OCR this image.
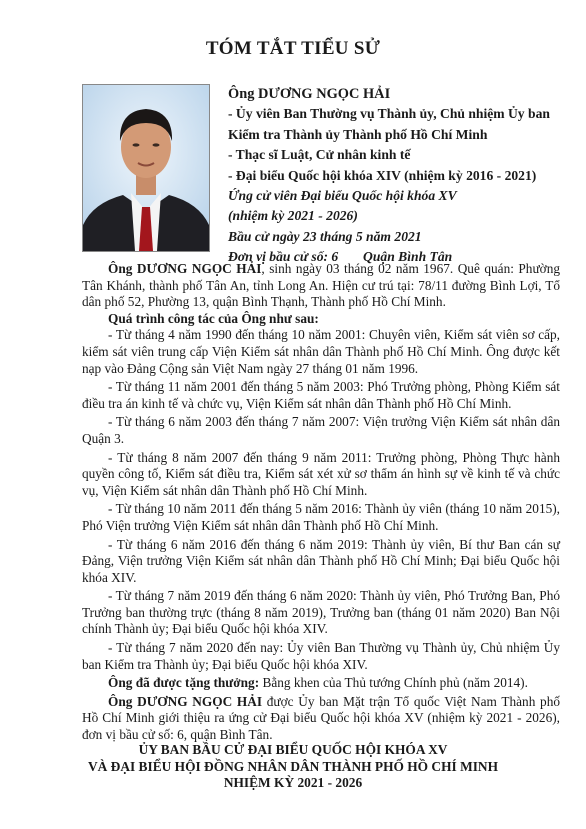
TÓM TẮT TIỂU SỬ
Ông DƯƠNG NGỌC HẢI
- Ủy viên Ban Thường vụ Thành ủy, Chủ nhiệm Ủy ban
Kiểm tra Thành ủy Thành phố Hồ Chí Minh
- Thạc sĩ Luật, Cử nhân kinh tế
- Đại biểu Quốc hội khóa XIV (nhiệm kỳ 2016 - 2021)
Ứng cử viên Đại biểu Quốc hội khóa XV
(nhiệm kỳ 2021 - 2026)
Bầu cử ngày 23 tháng 5 năm 2021
Đơn vị bầu cử số: 6 Quận Bình Tân

Ông DƯƠNG NGỌC HẢI, sinh ngày 03 tháng 02 năm 1967. Quê quán: Phường Tân Khánh, thành phố Tân An, tỉnh Long An. Hiện cư trú tại: 78/11 đường Bình Lợi, Tổ dân phố 52, Phường 13, quận Bình Thạnh, Thành phố Hồ Chí Minh.

Quá trình công tác của Ông như sau:

- Từ tháng 4 năm 1990 đến tháng 10 năm 2001: Chuyên viên, Kiểm sát viên sơ cấp, kiểm sát viên trung cấp Viện Kiểm sát nhân dân Thành phố Hồ Chí Minh. Ông được kết nạp vào Đảng Cộng sản Việt Nam ngày 27 tháng 01 năm 1996.

- Từ tháng 11 năm 2001 đến tháng 5 năm 2003: Phó Trưởng phòng, Phòng Kiểm sát điều tra án kinh tế và chức vụ, Viện Kiểm sát nhân dân Thành phố Hồ Chí Minh.

- Từ tháng 6 năm 2003 đến tháng 7 năm 2007: Viện trưởng Viện Kiểm sát nhân dân Quận 3.

- Từ tháng 8 năm 2007 đến tháng 9 năm 2011: Trưởng phòng, Phòng Thực hành quyền công tố, Kiểm sát điều tra, Kiểm sát xét xử sơ thẩm án hình sự về kinh tế và chức vụ, Viện Kiểm sát nhân dân Thành phố Hồ Chí Minh.

- Từ tháng 10 năm 2011 đến tháng 5 năm 2016: Thành ủy viên (tháng 10 năm 2015), Phó Viện trưởng Viện Kiểm sát nhân dân Thành phố Hồ Chí Minh.

- Từ tháng 6 năm 2016 đến tháng 6 năm 2019: Thành ủy viên, Bí thư Ban cán sự Đảng, Viện trưởng Viện Kiểm sát nhân dân Thành phố Hồ Chí Minh; Đại biểu Quốc hội khóa XIV.

- Từ tháng 7 năm 2019 đến tháng 6 năm 2020: Thành ủy viên, Phó Trưởng Ban, Phó Trưởng ban thường trực (tháng 8 năm 2019), Trưởng ban (tháng 01 năm 2020) Ban Nội chính Thành ủy; Đại biểu Quốc hội khóa XIV.

- Từ tháng 7 năm 2020 đến nay: Ủy viên Ban Thường vụ Thành ủy, Chủ nhiệm Ủy ban Kiểm tra Thành ủy; Đại biểu Quốc hội khóa XIV.

Ông đã được tặng thưởng: Bằng khen của Thủ tướng Chính phủ (năm 2014).

Ông DƯƠNG NGỌC HẢI được Ủy ban Mặt trận Tổ quốc Việt Nam Thành phố Hồ Chí Minh giới thiệu ra ứng cử Đại biểu Quốc hội khóa XV (nhiệm kỳ 2021 - 2026), đơn vị bầu cử số: 6, quận Bình Tân.

ỦY BAN BẦU CỬ ĐẠI BIỂU QUỐC HỘI KHÓA XV
VÀ ĐẠI BIỂU HỘI ĐỒNG NHÂN DÂN THÀNH PHỐ HỒ CHÍ MINH
NHIỆM KỲ 2021 - 2026
